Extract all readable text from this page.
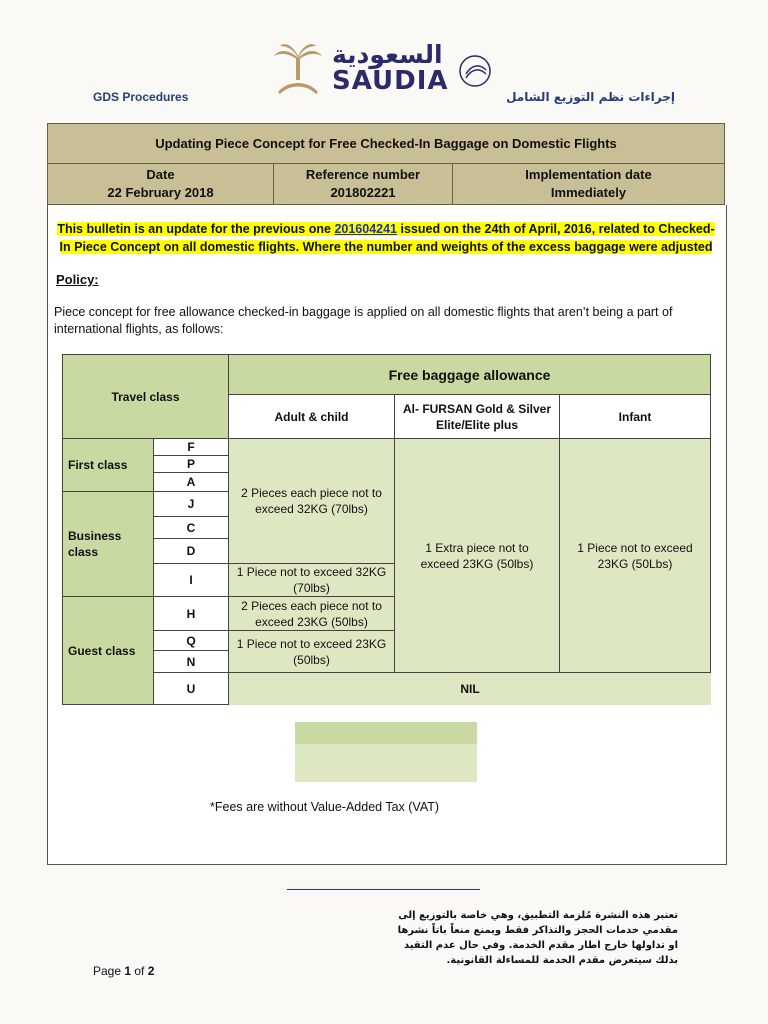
السعودية
SAUDIA
GDS Procedures	إجراءات نظم التوزيع الشامل
Updating Piece Concept for Free Checked-In Baggage on Domestic Flights
Date
22 February 2018
Reference number
201802221
Implementation date
Immediately
This bulletin is an update for the previous one 201604241 issued on the 24th of April, 2016, related to Checked-In Piece Concept on all domestic flights. Where the number and weights of the excess baggage were adjusted
Policy:
Piece concept for free allowance checked-in baggage is applied on all domestic flights that aren’t being a part of international flights, as follows:
Travel class
Free baggage allowance
Adult & child
Al- FURSAN Gold & Silver Elite/Elite plus
Infant
First class
Business class
Guest class
F
P
A
J
C
D
I
H
Q
N
U
2 Pieces each piece not to exceed 32KG (70lbs)
1 Piece not to exceed 32KG (70lbs)
2 Pieces each piece not to exceed 23KG (50lbs)
1 Piece not to exceed 23KG (50lbs)
1 Extra piece not to exceed 23KG (50lbs)
1 Piece not to exceed 23KG (50Lbs)
NIL
*Fees are without Value-Added Tax (VAT)
تعتبر هذه النشرة مُلزمة التطبيق، وهي خاصة بالتوزيع إلى مقدمي خدمات الحجز والتذاكر فقط ويمنع منعاً باتاً نشرها او تداولها خارج اطار مقدم الخدمة. وفي حال عدم التقيد بذلك سيتعرض مقدم الخدمة للمساءلة القانونية.
Page 1 of 2
